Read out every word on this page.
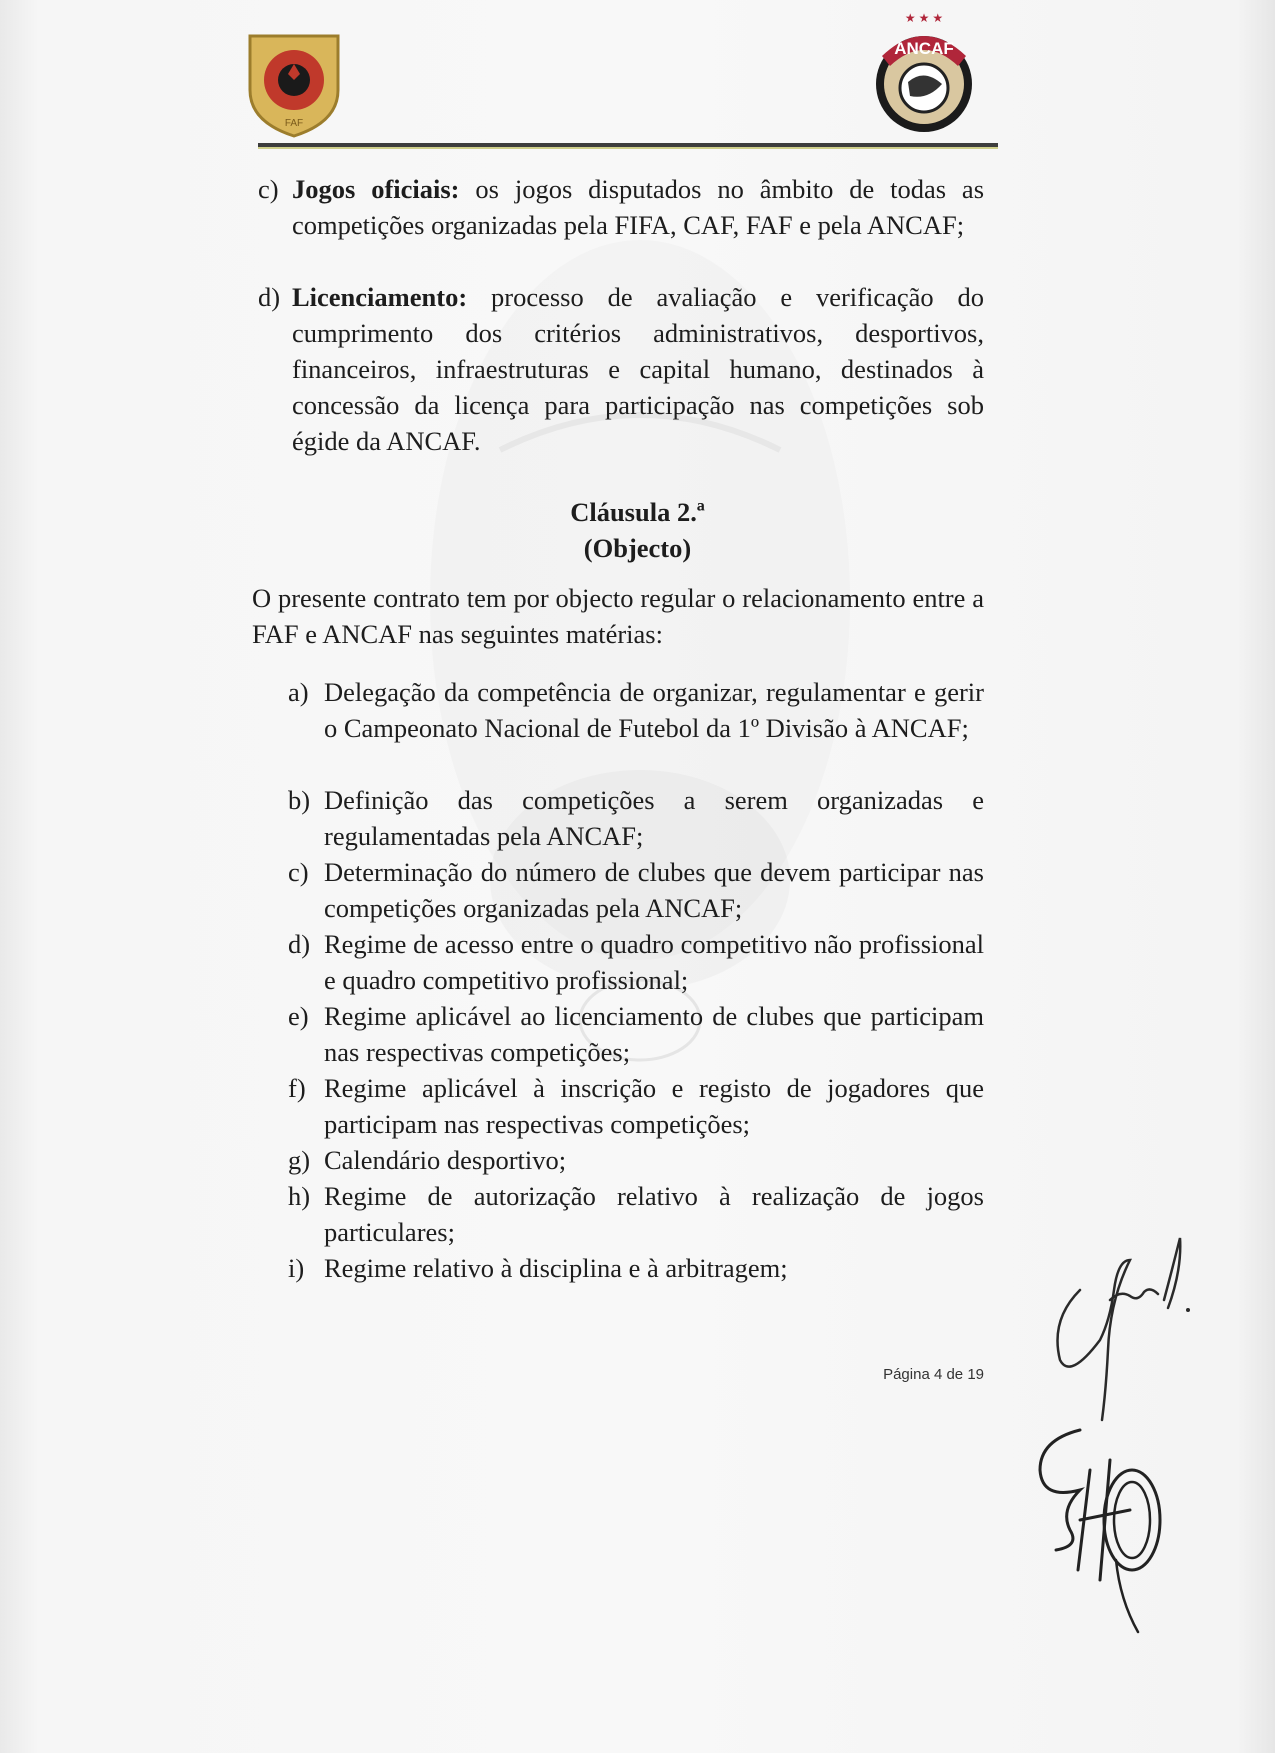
FAF
ANCAF
★ ★ ★
c) Jogos oficiais: os jogos disputados no âmbito de todas as competições organizadas pela FIFA, CAF, FAF e pela ANCAF;
d) Licenciamento: processo de avaliação e verificação do cumprimento dos critérios administrativos, desportivos, financeiros, infraestruturas e capital humano, destinados à concessão da licença para participação nas competições sob égide da ANCAF.
Cláusula 2.ª
(Objecto)

O presente contrato tem por objecto regular o relacionamento entre a FAF e ANCAF nas seguintes matérias:

a) Delegação da competência de organizar, regulamentar e gerir o Campeonato Nacional de Futebol da 1º Divisão à ANCAF;
b) Definição das competições a serem organizadas e regulamentadas pela ANCAF;
c) Determinação do número de clubes que devem participar nas competições organizadas pela ANCAF;
d) Regime de acesso entre o quadro competitivo não profissional e quadro competitivo profissional;
e) Regime aplicável ao licenciamento de clubes que participam nas respectivas competições;
f) Regime aplicável à inscrição e registo de jogadores que participam nas respectivas competições;
g) Calendário desportivo;
h) Regime de autorização relativo à realização de jogos particulares;
i) Regime relativo à disciplina e à arbitragem;
Página 4 de 19
